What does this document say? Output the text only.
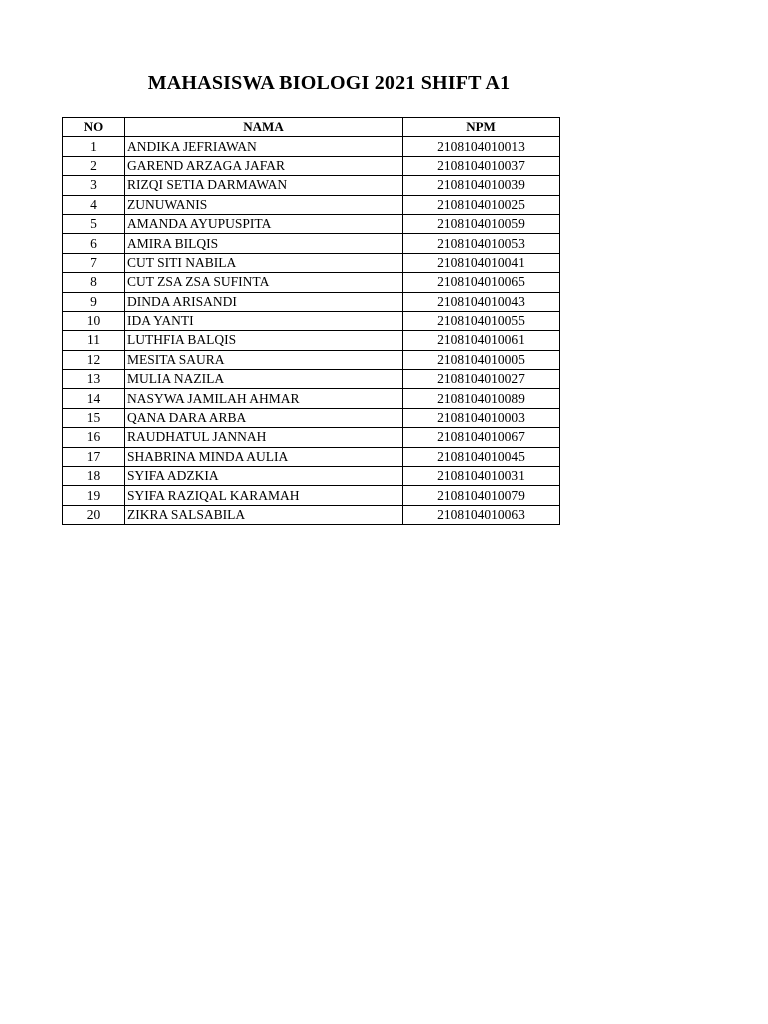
MAHASISWA BIOLOGI 2021 SHIFT A1
NO	NAMA	NPM
1	ANDIKA JEFRIAWAN	2108104010013
2	GAREND ARZAGA JAFAR	2108104010037
3	RIZQI SETIA DARMAWAN	2108104010039
4	ZUNUWANIS	2108104010025
5	AMANDA AYUPUSPITA	2108104010059
6	AMIRA BILQIS	2108104010053
7	CUT SITI NABILA	2108104010041
8	CUT ZSA ZSA SUFINTA	2108104010065
9	DINDA ARISANDI	2108104010043
10	IDA YANTI	2108104010055
11	LUTHFIA BALQIS	2108104010061
12	MESITA SAURA	2108104010005
13	MULIA NAZILA	2108104010027
14	NASYWA JAMILAH AHMAR	2108104010089
15	QANA DARA ARBA	2108104010003
16	RAUDHATUL JANNAH	2108104010067
17	SHABRINA MINDA AULIA	2108104010045
18	SYIFA ADZKIA	2108104010031
19	SYIFA RAZIQAL KARAMAH	2108104010079
20	ZIKRA SALSABILA	2108104010063
